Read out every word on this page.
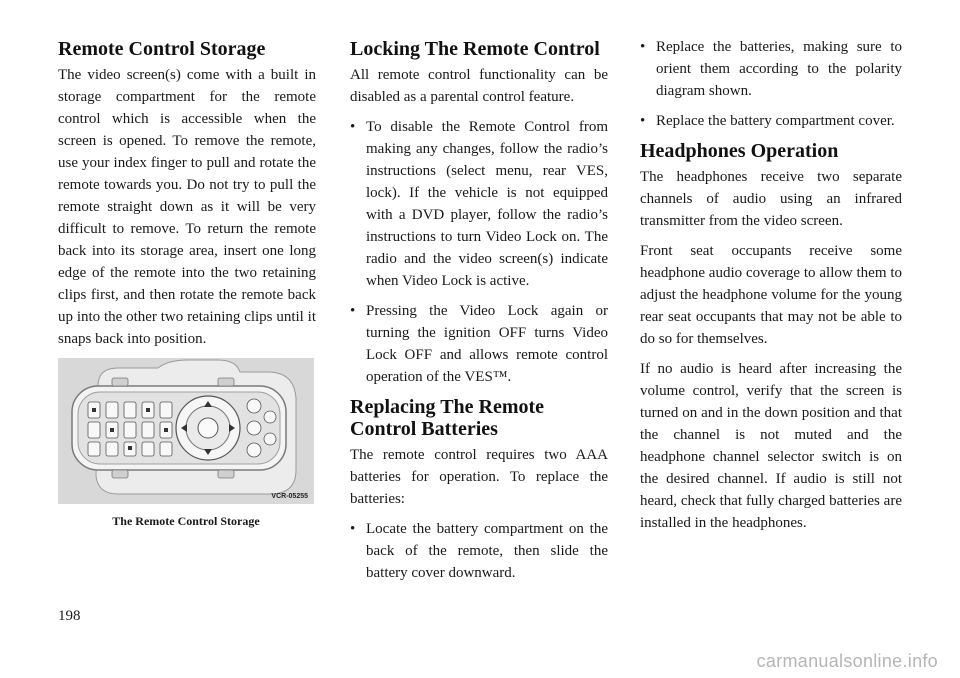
Remote Control Storage

The video screen(s) come with a built in storage compartment for the remote control which is accessible when the screen is opened. To remove the remote, use your index finger to pull and rotate the remote towards you. Do not try to pull the remote straight down as it will be very difficult to remove. To return the remote back into its storage area, insert one long edge of the remote into the two retaining clips first, and then rotate the remote back up into the other two retaining clips until it snaps back into position.

VCR-05255
The Remote Control Storage
Locking The Remote Control

All remote control functionality can be disabled as a parental control feature.

• To disable the Remote Control from making any changes, follow the radio’s instructions (select menu, rear VES, lock). If the vehicle is not equipped with a DVD player, follow the radio’s instructions to turn Video Lock on. The radio and the video screen(s) indicate when Video Lock is active.
• Pressing the Video Lock again or turning the ignition OFF turns Video Lock OFF and allows remote control operation of the VES™.
Replacing The Remote Control Batteries

The remote control requires two AAA batteries for operation. To replace the batteries:

• Locate the battery compartment on the back of the remote, then slide the battery cover downward.
• Replace the batteries, making sure to orient them according to the polarity diagram shown.
• Replace the battery compartment cover.
Headphones Operation

The headphones receive two separate channels of audio using an infrared transmitter from the video screen.

Front seat occupants receive some headphone audio coverage to allow them to adjust the headphone volume for the young rear seat occupants that may not be able to do so for themselves.

If no audio is heard after increasing the volume control, verify that the screen is turned on and in the down position and that the channel is not muted and the headphone channel selector switch is on the desired channel. If audio is still not heard, check that fully charged batteries are installed in the headphones.

198
carmanualsonline.info
